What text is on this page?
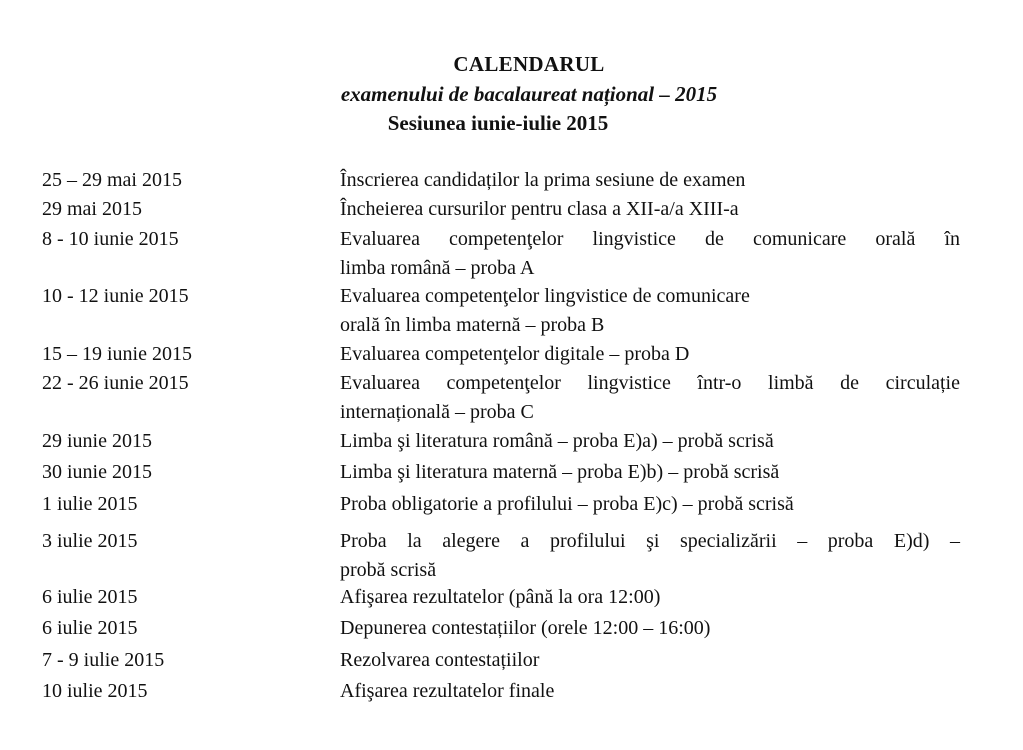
CALENDARUL
examenului de bacalaureat național – 2015
Sesiunea iunie-iulie 2015
25 – 29 mai 2015	Înscrierea candidaților la prima sesiune de examen
29 mai 2015	Încheierea cursurilor pentru clasa a XII-a/a XIII-a
8 - 10 iunie 2015	Evaluarea competenţelor lingvistice de comunicare orală în
limba română – proba A
10 - 12 iunie 2015	Evaluarea competenţelor lingvistice de comunicare
orală în limba maternă – proba B
15 – 19 iunie 2015	Evaluarea competenţelor digitale – proba D
22 - 26 iunie 2015	Evaluarea competenţelor lingvistice într-o limbă de circulație
internațională – proba C
29 iunie 2015	Limba şi literatura română – proba E)a) – probă scrisă
30 iunie 2015	Limba şi literatura maternă – proba E)b) – probă scrisă
1 iulie 2015	Proba obligatorie a profilului – proba E)c) – probă scrisă
3 iulie 2015	Proba la alegere a profilului şi specializării – proba E)d) –
probă scrisă
6 iulie 2015	Afişarea rezultatelor (până la ora 12:00)
6 iulie 2015	Depunerea contestațiilor (orele 12:00 – 16:00)
7 - 9 iulie 2015	Rezolvarea contestațiilor
10 iulie 2015	Afişarea rezultatelor finale
